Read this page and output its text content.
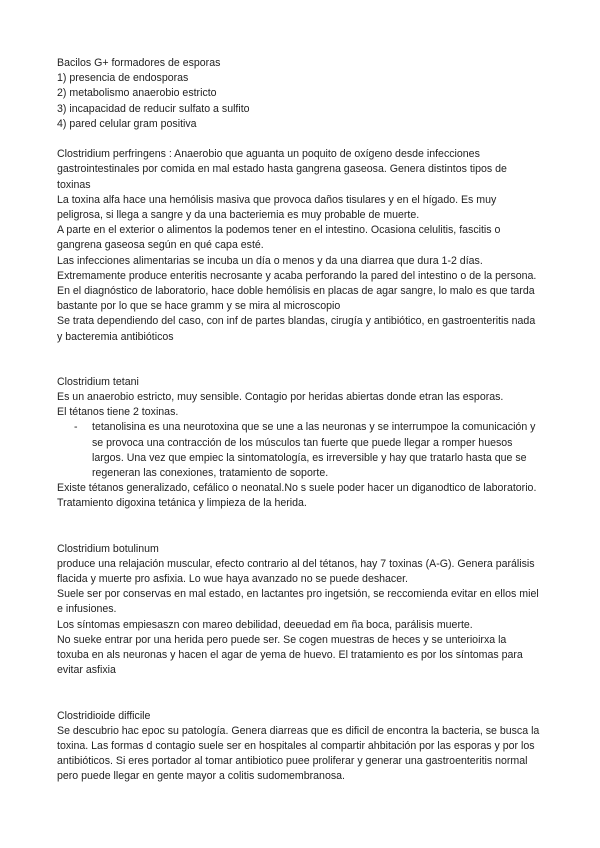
Bacilos G+ formadores de esporas
1) presencia de endosporas
2) metabolismo anaerobio estricto
3) incapacidad de reducir sulfato a sulfito
4) pared celular gram positiva

Clostridium perfringens : Anaerobio que aguanta un poquito de oxígeno desde infecciones gastrointestinales por comida en mal estado hasta gangrena gaseosa. Genera distintos tipos de toxinas

La toxina alfa hace una hemólisis masiva que provoca daños tisulares y en el hígado. Es muy peligrosa, si llega a sangre y da una bacteriemia es muy probable de muerte.

A parte en el exterior o alimentos la podemos tener en el intestino. Ocasiona celulitis, fascitis o gangrena gaseosa según en qué capa esté.

Las infecciones alimentarias se incuba un día o menos y da una diarrea que dura 1-2 días. Extremamente produce enteritis necrosante y acaba perforando la pared del intestino o de la persona.

En el diagnóstico de laboratorio, hace doble hemólisis en placas de agar sangre, lo malo es que tarda bastante por lo que se hace gramm y se mira al microscopio

Se trata dependiendo del caso, con inf de partes blandas, cirugía y antibiótico, en gastroenteritis nada y bacteremia antibióticos

Clostridium tetani
Es un anaerobio estricto, muy sensible. Contagio por heridas abiertas donde etran las esporas.
El tétanos tiene 2 toxinas.
- tetanolisina es una neurotoxina que se une a las neuronas y se interrumpoe la comunicación y se provoca una contracción de los músculos tan fuerte que puede llegar a romper huesos largos. Una vez que empiec la sintomatología, es irreversible y hay que tratarlo hasta que se regeneran las conexiones, tratamiento de soporte.

Existe tétanos generalizado, cefálico o neonatal.No s suele poder hacer un diganodtico de laboratorio. Tratamiento digoxina tetánica y limpieza de la herida.

Clostridium botulinum

produce una relajación muscular, efecto contrario al del tétanos, hay 7 toxinas (A-G). Genera parálisis flacida y muerte pro asfixia. Lo wue haya avanzado no se puede deshacer.

Suele ser por conservas en mal estado, en lactantes pro ingetsión, se reccomienda evitar en ellos miel e infusiones.

Los síntomas empiesaszn con mareo debilidad, deeuedad em ña boca, parálisis muerte.

No sueke entrar por una herida pero puede ser. Se cogen muestras de heces y se unterioirxa la toxuba en als neuronas y hacen el agar de yema de huevo. El tratamiento es por los síntomas para evitar asfixia

Clostridioide difficile

Se descubrio hac epoc su patología. Genera diarreas que es dificil de encontra la bacteria, se busca la toxina. Las formas d contagio suele ser en hospitales al compartir ahbitación por las esporas y por los antibióticos. Si eres portador al tomar antibiotico puee proliferar y generar una gastroenteritis normal pero puede llegar en gente mayor a colitis sudomembranosa.
